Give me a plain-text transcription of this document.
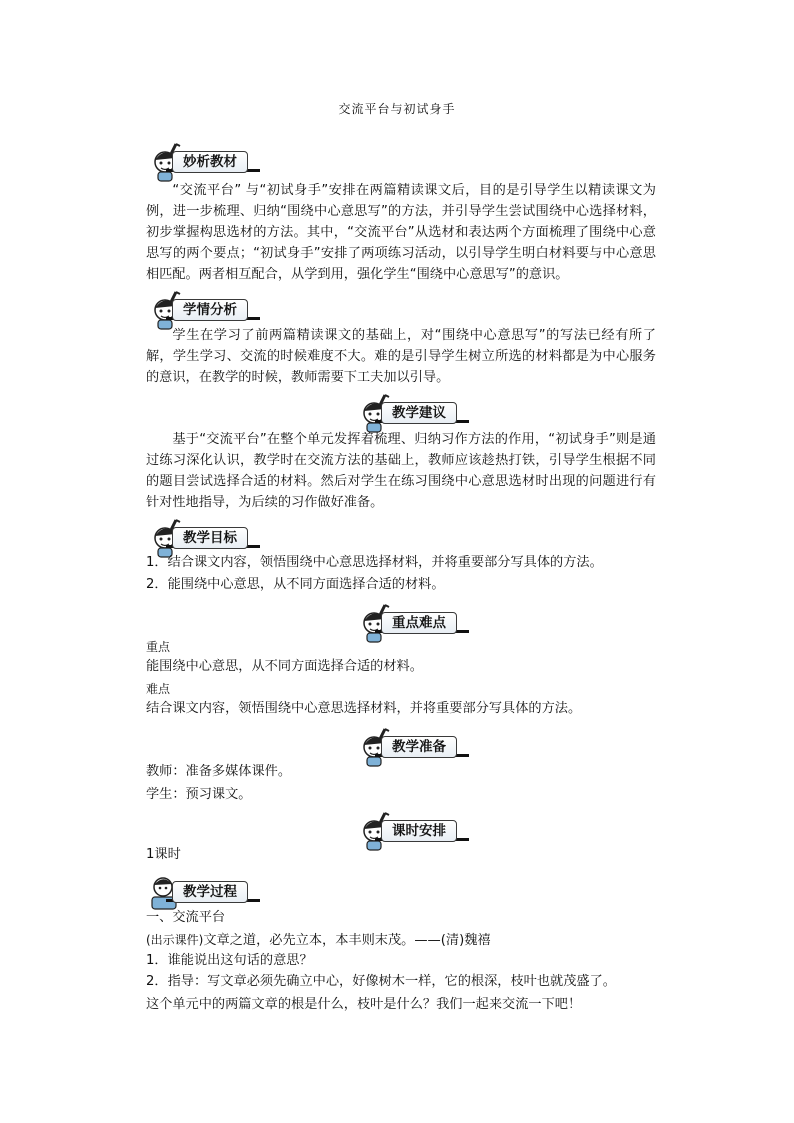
交流平台与初试身手
妙析教材

“交流平台” 与“初试身手”安排在两篇精读课文后，目的是引导学生以精读课文为例，进一步梳理、归纳“围绕中心意思写”的方法，并引导学生尝试围绕中心选择材料，初步掌握构思选材的方法。其中，“交流平台”从选材和表达两个方面梳理了围绕中心意思写的两个要点；“初试身手”安排了两项练习活动，以引导学生明白材料要与中心意思相匹配。两者相互配合，从学到用，强化学生“围绕中心意思写”的意识。

学情分析

学生在学习了前两篇精读课文的基础上，对“围绕中心意思写”的写法已经有所了解，学生学习、交流的时候难度不大。难的是引导学生树立所选的材料都是为中心服务的意识，在教学的时候，教师需要下工夫加以引导。

教学建议

基于“交流平台”在整个单元发挥着梳理、归纳习作方法的作用，“初试身手”则是通过练习深化认识，教学时在交流方法的基础上，教师应该趁热打铁，引导学生根据不同的题目尝试选择合适的材料。然后对学生在练习围绕中心意思选材时出现的问题进行有针对性地指导，为后续的习作做好准备。

教学目标
1．结合课文内容，领悟围绕中心意思选择材料，并将重要部分写具体的方法。
2．能围绕中心意思，从不同方面选择合适的材料。
重点难点
重点
能围绕中心意思，从不同方面选择合适的材料。
难点
结合课文内容，领悟围绕中心意思选择材料，并将重要部分写具体的方法。
教学准备
教师：准备多媒体课件。
学生：预习课文。
课时安排
1课时
教学过程
一、交流平台
(出示课件)文章之道，必先立本，本丰则末茂。——(清)魏禧
1．谁能说出这句话的意思？
2．指导：写文章必须先确立中心，好像树木一样，它的根深，枝叶也就茂盛了。
这个单元中的两篇文章的根是什么，枝叶是什么？我们一起来交流一下吧！
